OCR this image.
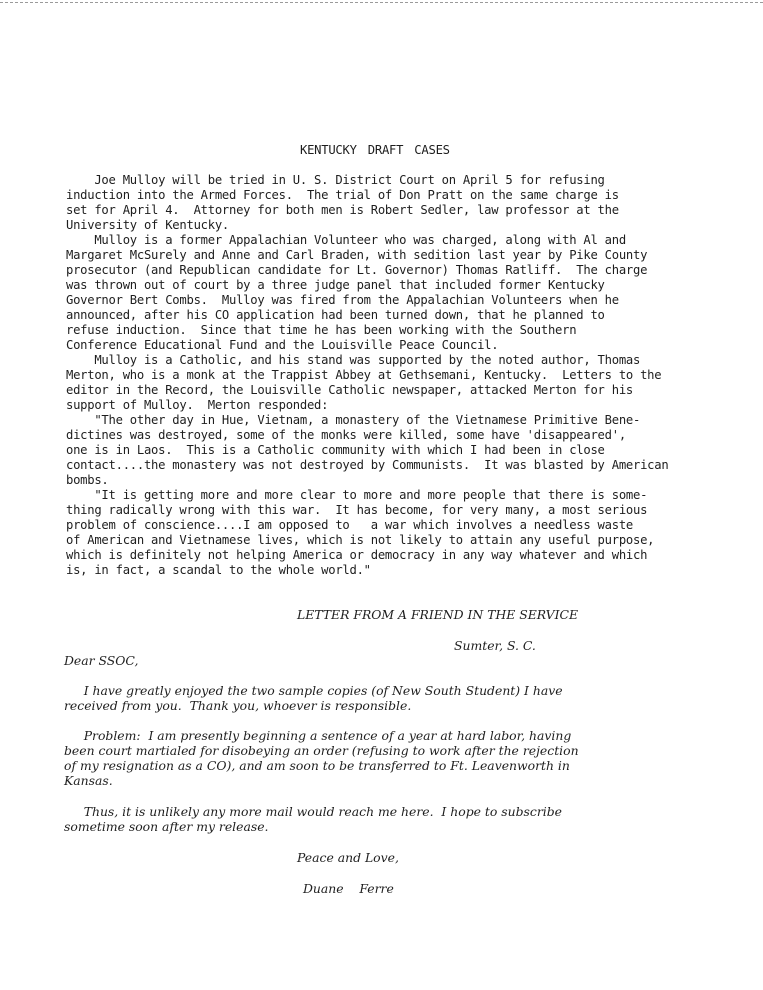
KENTUCKY DRAFT CASES

Joe Mulloy will be tried in U. S. District Court on April 5 for refusing

induction into the Armed Forces.  The trial of Don Pratt on the same charge is

set for April 4.  Attorney for both men is Robert Sedler, law professor at the

University of Kentucky.

Mulloy is a former Appalachian Volunteer who was charged, along with Al and

Margaret McSurely and Anne and Carl Braden, with sedition last year by Pike County

prosecutor (and Republican candidate for Lt. Governor) Thomas Ratliff.  The charge

was thrown out of court by a three judge panel that included former Kentucky

Governor Bert Combs.  Mulloy was fired from the Appalachian Volunteers when he

announced, after his CO application had been turned down, that he planned to

refuse induction.  Since that time he has been working with the Southern

Conference Educational Fund and the Louisville Peace Council.

Mulloy is a Catholic, and his stand was supported by the noted author, Thomas

Merton, who is a monk at the Trappist Abbey at Gethsemani, Kentucky.  Letters to the

editor in the Record, the Louisville Catholic newspaper, attacked Merton for his

support of Mulloy.  Merton responded:

"The other day in Hue, Vietnam, a monastery of the Vietnamese Primitive Bene-

dictines was destroyed, some of the monks were killed, some have 'disappeared',

one is in Laos.  This is a Catholic community with which I had been in close

contact....the monastery was not destroyed by Communists.  It was blasted by American

bombs.

"It is getting more and more clear to more and more people that there is some-

thing radically wrong with this war.  It has become, for very many, a most serious

problem of conscience....I am opposed to   a war which involves a needless waste

of American and Vietnamese lives, which is not likely to attain any useful purpose,

which is definitely not helping America or democracy in any way whatever and which

is, in fact, a scandal to the whole world."

LETTER FROM A FRIEND IN THE SERVICE
Sumter, S. C.
Dear SSOC,

I have greatly enjoyed the two sample copies (of New South Student) I have

received from you.  Thank you, whoever is responsible.

Problem:  I am presently beginning a sentence of a year at hard labor, having

been court martialed for disobeying an order (refusing to work after the rejection

of my resignation as a CO), and am soon to be transferred to Ft. Leavenworth in

Kansas.

Thus, it is unlikely any more mail would reach me here.  I hope to subscribe

sometime soon after my release.

Peace and Love,
Duane    Ferre
